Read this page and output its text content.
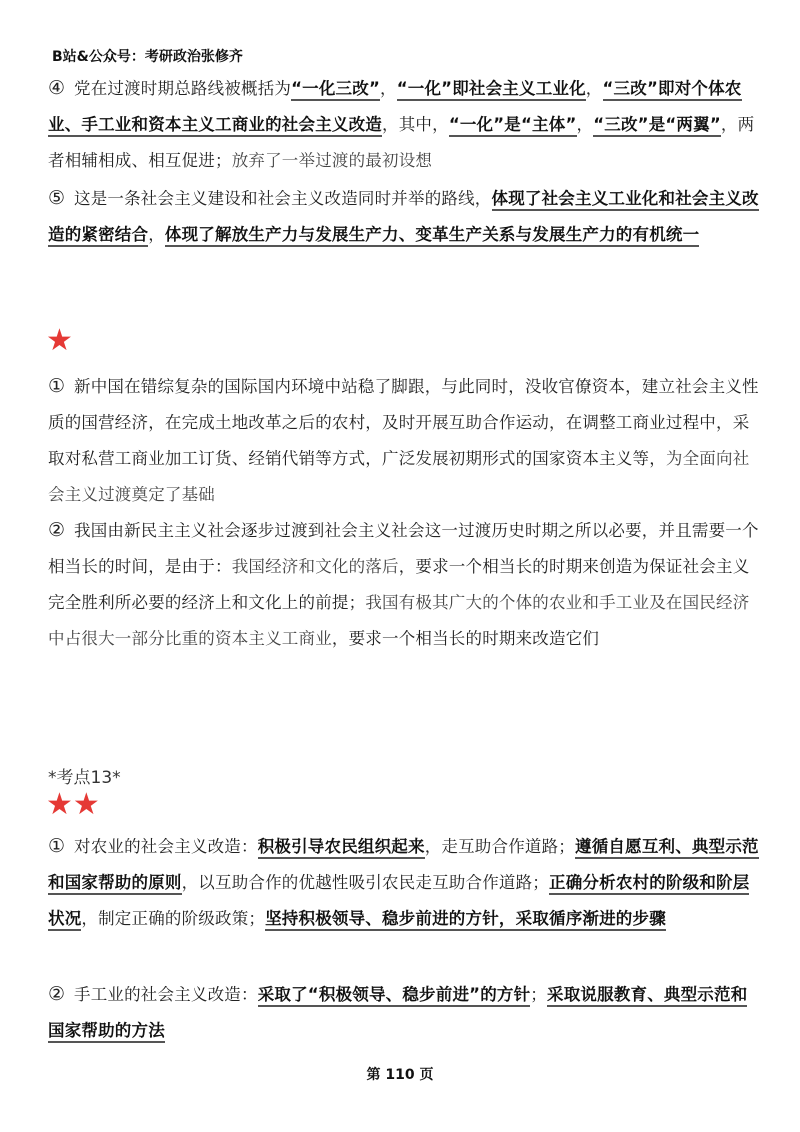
B站&公众号：考研政治张修齐
④ 党在过渡时期总路线被概括为“一化三改”，“一化”即社会主义工业化，“三改”即对个体农业、手工业和资本主义工商业的社会主义改造，其中，“一化”是“主体”，“三改”是“两翼”，两者相辅相成、相互促进；放弃了一举过渡的最初设想
⑤ 这是一条社会主义建设和社会主义改造同时并举的路线，体现了社会主义工业化和社会主义改造的紧密结合，体现了解放生产力与发展生产力、变革生产关系与发展生产力的有机统一
★
① 新中国在错综复杂的国际国内环境中站稳了脚跟，与此同时，没收官僚资本，建立社会主义性质的国营经济，在完成土地改革之后的农村，及时开展互助合作运动，在调整工商业过程中，采取对私营工商业加工订货、经销代销等方式，广泛发展初期形式的国家资本主义等，为全面向社会主义过渡奠定了基础
② 我国由新民主主义社会逐步过渡到社会主义社会这一过渡历史时期之所以必要，并且需要一个相当长的时间，是由于：我国经济和文化的落后，要求一个相当长的时期来创造为保证社会主义完全胜利所必要的经济上和文化上的前提；我国有极其广大的个体的农业和手工业及在国民经济中占很大一部分比重的资本主义工商业，要求一个相当长的时期来改造它们
*考点13*
★★
① 对农业的社会主义改造：积极引导农民组织起来，走互助合作道路；遵循自愿互利、典型示范和国家帮助的原则，以互助合作的优越性吸引农民走互助合作道路；正确分析农村的阶级和阶层状况，制定正确的阶级政策；坚持积极领导、稳步前进的方针，采取循序渐进的步骤
② 手工业的社会主义改造：采取了“积极领导、稳步前进”的方针；采取说服教育、典型示范和国家帮助的方法
第 110 页
